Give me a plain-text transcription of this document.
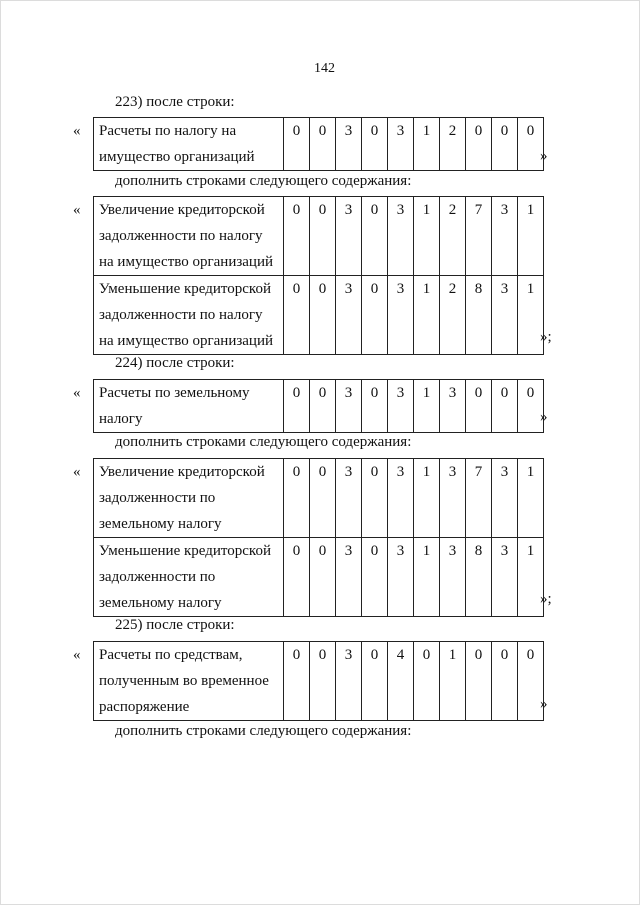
142
223) после строки:
« Расчеты по налогу на
имущество организаций	0	0	3	0	3	1	2	0	0	0
»
дополнить строками следующего содержания:
« Увеличение кредиторской
задолженности по налогу
на имущество организаций	0	0	3	0	3	1	2	7	3	1
Уменьшение кредиторской
задолженности по налогу
на имущество организаций	0	0	3	0	3	1	2	8	3	1
»;
224) после строки:
« Расчеты по земельному
налогу	0	0	3	0	3	1	3	0	0	0
»
дополнить строками следующего содержания:
« Увеличение кредиторской
задолженности по
земельному налогу	0	0	3	0	3	1	3	7	3	1
Уменьшение кредиторской
задолженности по
земельному налогу	0	0	3	0	3	1	3	8	3	1
»;
225) после строки:
« Расчеты по средствам,
полученным во временное
распоряжение	0	0	3	0	4	0	1	0	0	0
»
дополнить строками следующего содержания:
